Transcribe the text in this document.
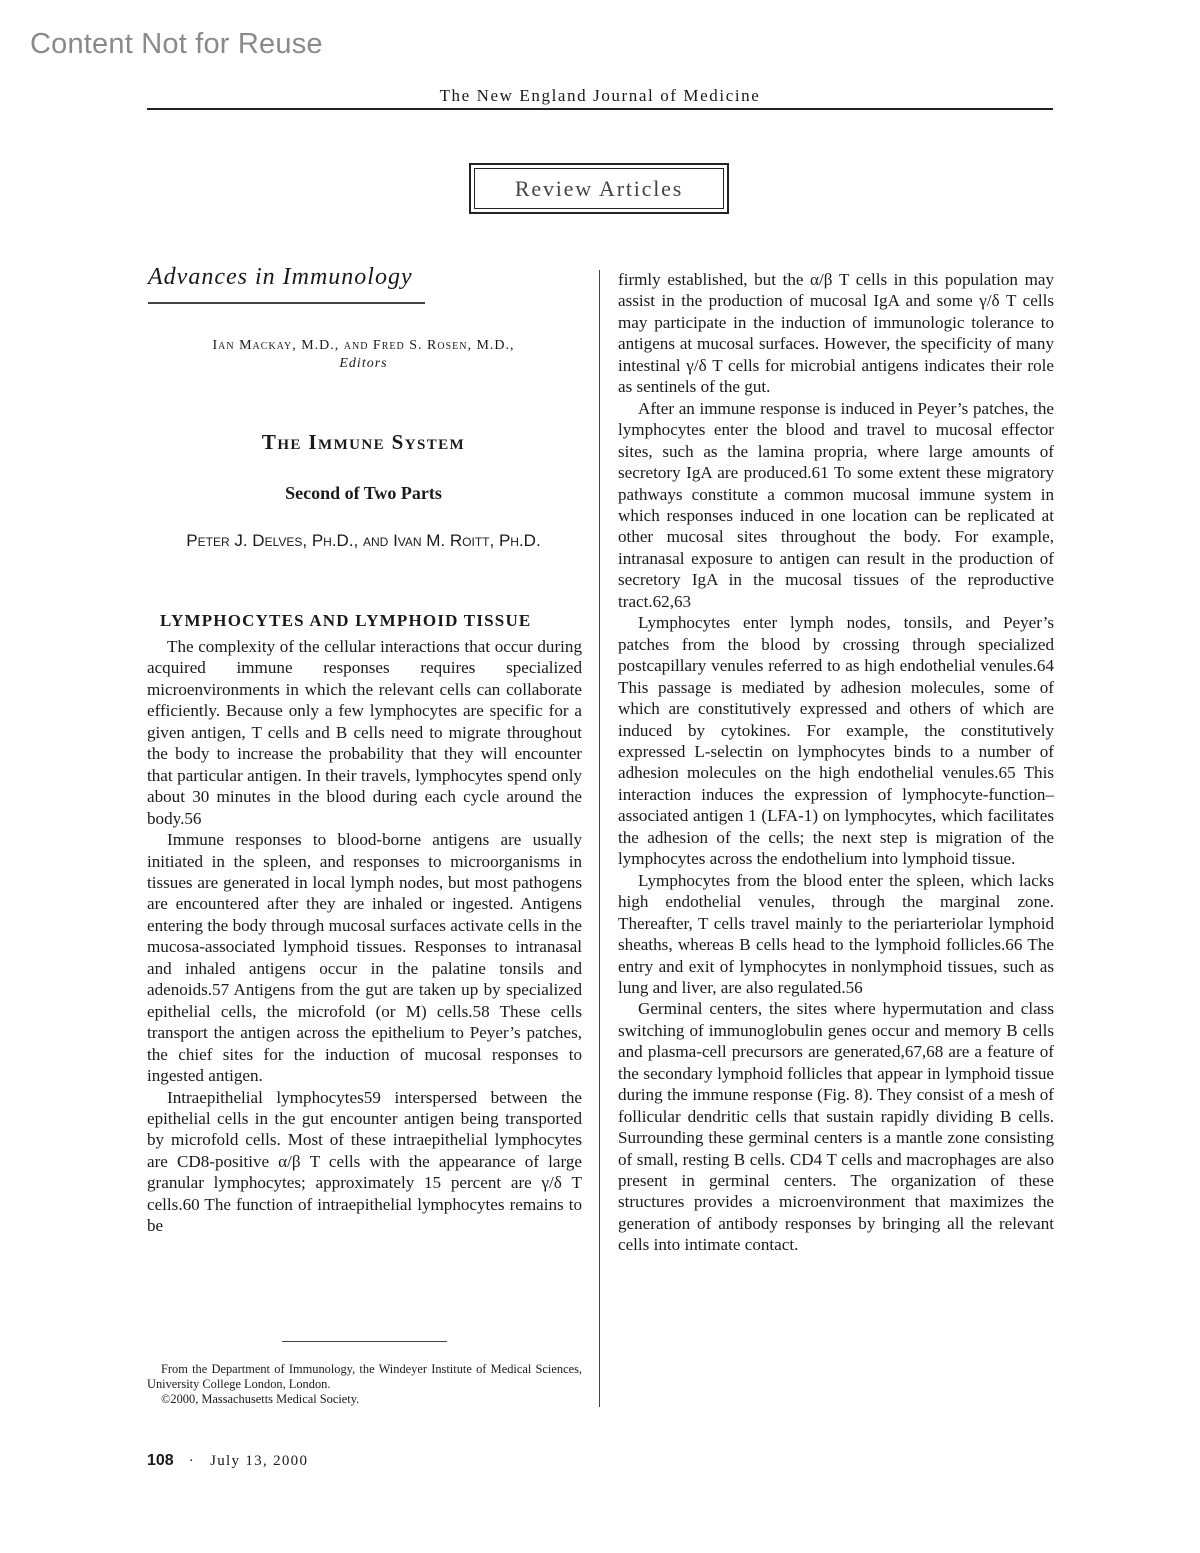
Content Not for Reuse
The New England Journal of Medicine
Review Articles
Advances in Immunology
Ian Mackay, M.D., and Fred S. Rosen, M.D.,
Editors
The Immune System
Second of Two Parts
Peter J. Delves, Ph.D., and Ivan M. Roitt, Ph.D.
LYMPHOCYTES AND LYMPHOID TISSUE

The complexity of the cellular interactions that occur during acquired immune responses requires specialized microenvironments in which the relevant cells can collaborate efficiently. Because only a few lymphocytes are specific for a given antigen, T cells and B cells need to migrate throughout the body to increase the probability that they will encounter that particular antigen. In their travels, lymphocytes spend only about 30 minutes in the blood during each cycle around the body.56

Immune responses to blood-borne antigens are usually initiated in the spleen, and responses to microorganisms in tissues are generated in local lymph nodes, but most pathogens are encountered after they are inhaled or ingested. Antigens entering the body through mucosal surfaces activate cells in the mucosa-associated lymphoid tissues. Responses to intranasal and inhaled antigens occur in the palatine tonsils and adenoids.57 Antigens from the gut are taken up by specialized epithelial cells, the microfold (or M) cells.58 These cells transport the antigen across the epithelium to Peyer’s patches, the chief sites for the induction of mucosal responses to ingested antigen.

Intraepithelial lymphocytes59 interspersed between the epithelial cells in the gut encounter antigen being transported by microfold cells. Most of these intraepithelial lymphocytes are CD8-positive α/β T cells with the appearance of large granular lymphocytes; approximately 15 percent are γ/δ T cells.60 The function of intraepithelial lymphocytes remains to be

firmly established, but the α/β T cells in this population may assist in the production of mucosal IgA and some γ/δ T cells may participate in the induction of immunologic tolerance to antigens at mucosal surfaces. However, the specificity of many intestinal γ/δ T cells for microbial antigens indicates their role as sentinels of the gut.

After an immune response is induced in Peyer’s patches, the lymphocytes enter the blood and travel to mucosal effector sites, such as the lamina propria, where large amounts of secretory IgA are produced.61 To some extent these migratory pathways constitute a common mucosal immune system in which responses induced in one location can be replicated at other mucosal sites throughout the body. For example, intranasal exposure to antigen can result in the production of secretory IgA in the mucosal tissues of the reproductive tract.62,63

Lymphocytes enter lymph nodes, tonsils, and Peyer’s patches from the blood by crossing through specialized postcapillary venules referred to as high endothelial venules.64 This passage is mediated by adhesion molecules, some of which are constitutively expressed and others of which are induced by cytokines. For example, the constitutively expressed L-selectin on lymphocytes binds to a number of adhesion molecules on the high endothelial venules.65 This interaction induces the expression of lymphocyte-function–associated antigen 1 (LFA-1) on lymphocytes, which facilitates the adhesion of the cells; the next step is migration of the lymphocytes across the endothelium into lymphoid tissue.

Lymphocytes from the blood enter the spleen, which lacks high endothelial venules, through the marginal zone. Thereafter, T cells travel mainly to the periarteriolar lymphoid sheaths, whereas B cells head to the lymphoid follicles.66 The entry and exit of lymphocytes in nonlymphoid tissues, such as lung and liver, are also regulated.56

Germinal centers, the sites where hypermutation and class switching of immunoglobulin genes occur and memory B cells and plasma-cell precursors are generated,67,68 are a feature of the secondary lymphoid follicles that appear in lymphoid tissue during the immune response (Fig. 8). They consist of a mesh of follicular dendritic cells that sustain rapidly dividing B cells. Surrounding these germinal centers is a mantle zone consisting of small, resting B cells. CD4 T cells and macrophages are also present in germinal centers. The organization of these structures provides a microenvironment that maximizes the generation of antibody responses by bringing all the relevant cells into intimate contact.

From the Department of Immunology, the Windeyer Institute of Medical Sciences, University College London, London.

©2000, Massachusetts Medical Society.

108 · July 13, 2000
